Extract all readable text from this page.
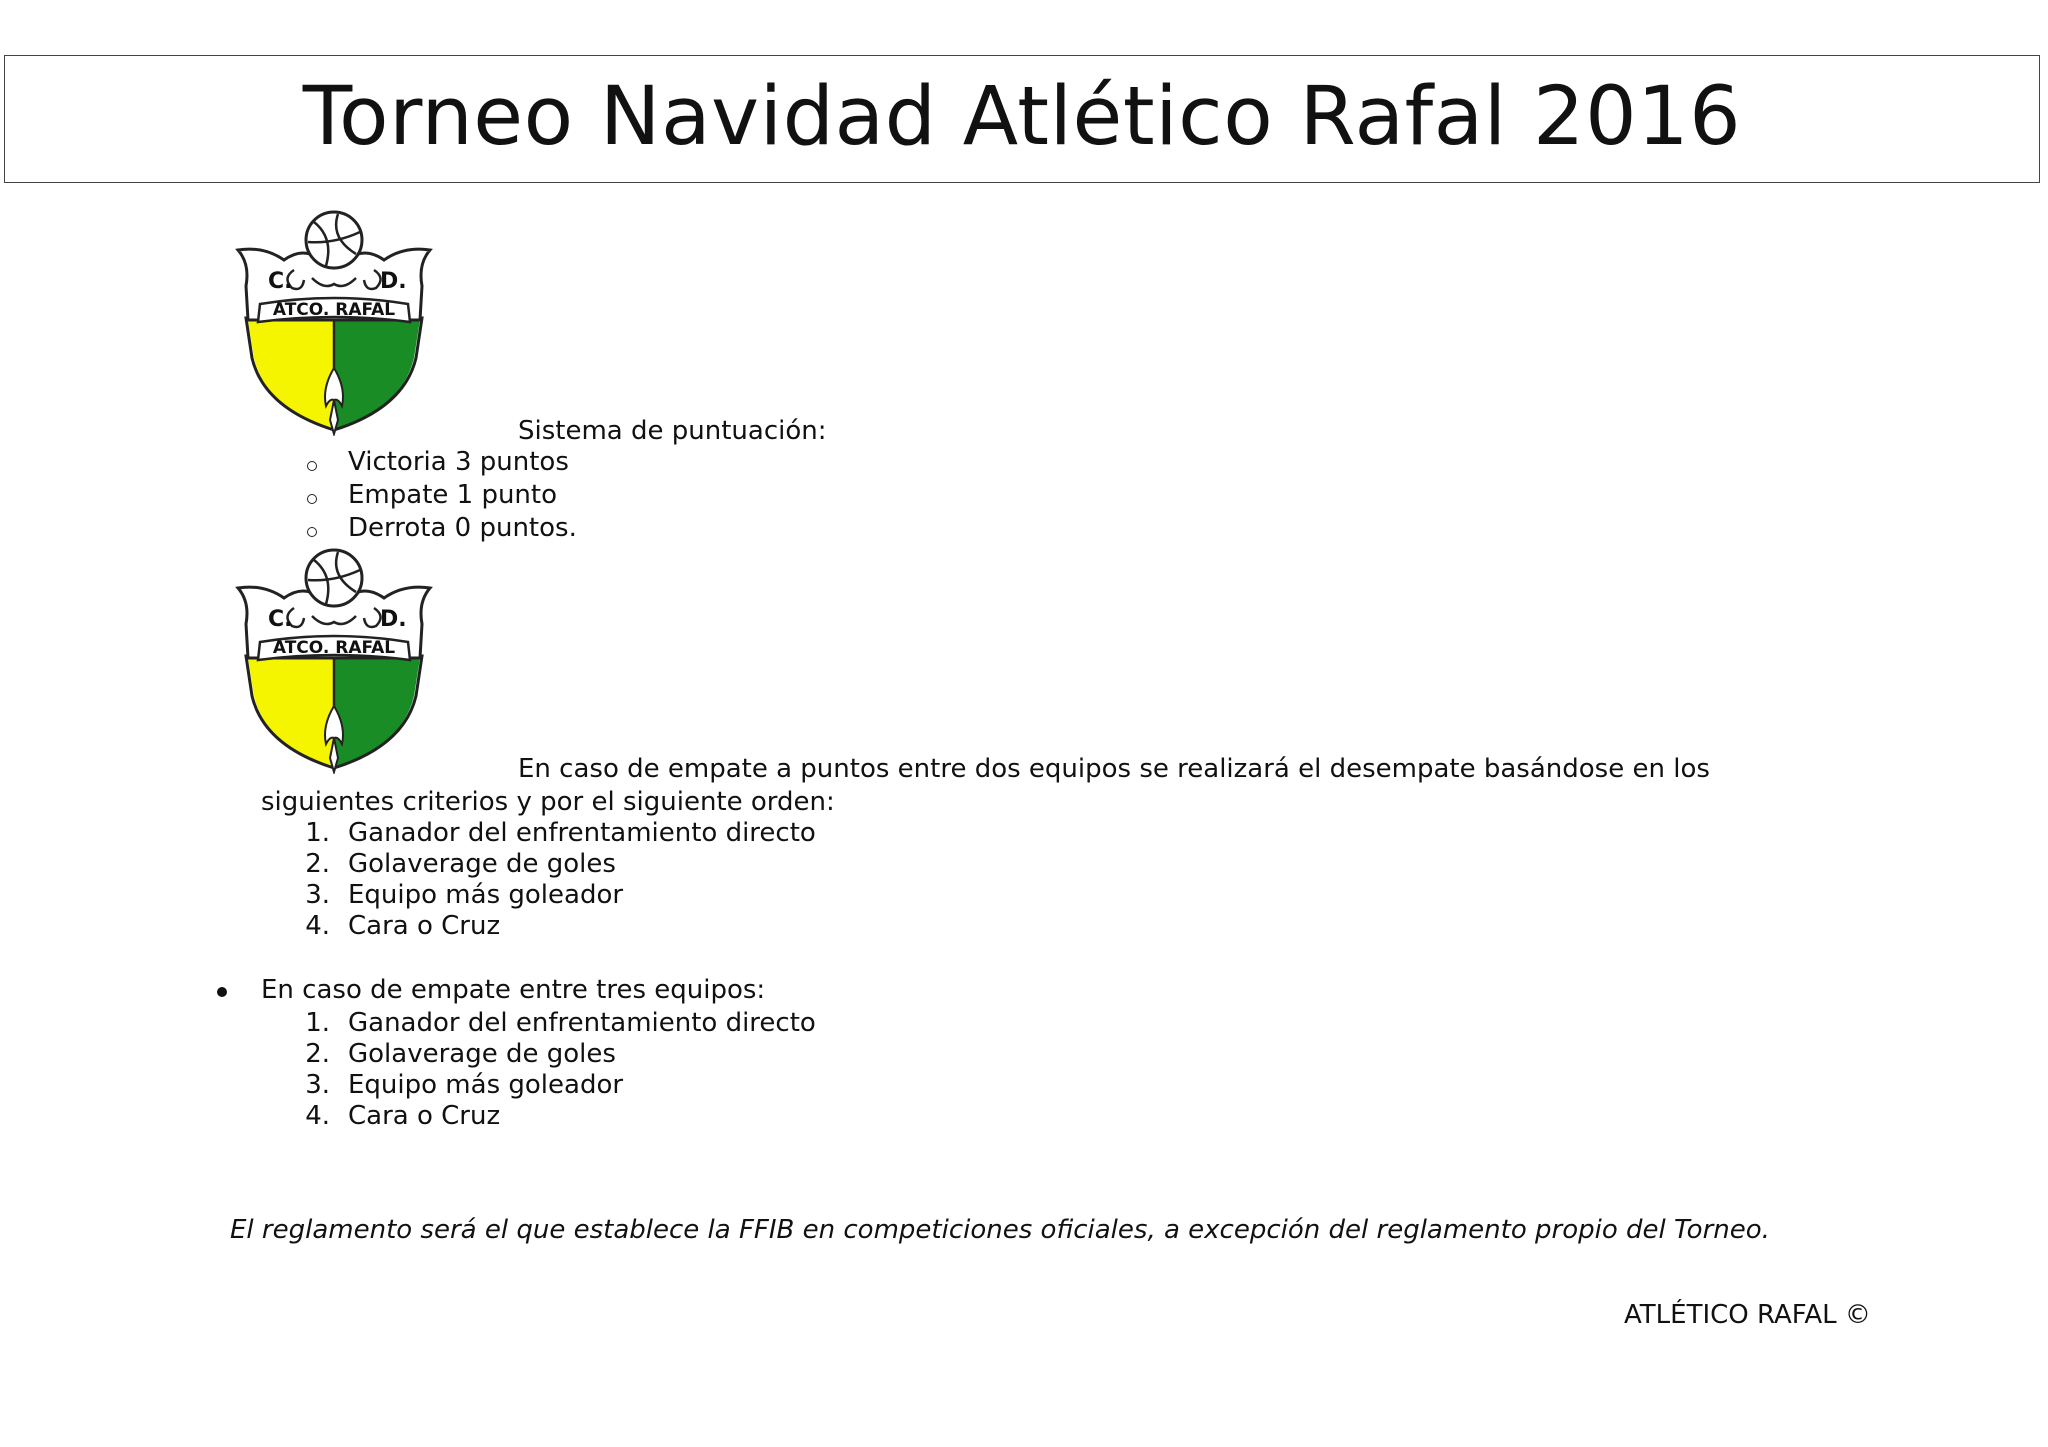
Torneo Navidad Atlético Rafal 2016
C.	D.
ATCO. RAFAL
C.	D.
ATCO. RAFAL
Sistema de puntuación:
Victoria 3 puntos
Empate 1 punto
Derrota 0 puntos.
En caso de empate a puntos entre dos equipos se realizará el desempate basándose en los
siguientes criterios y por el siguiente orden:
1. Ganador del enfrentamiento directo
2. Golaverage de goles
3. Equipo más goleador
4. Cara o Cruz
En caso de empate entre tres equipos:
1. Ganador del enfrentamiento directo
2. Golaverage de goles
3. Equipo más goleador
4. Cara o Cruz
El reglamento será el que establece la FFIB en competiciones oficiales, a excepción del reglamento propio del Torneo.
ATLÉTICO RAFAL ©
